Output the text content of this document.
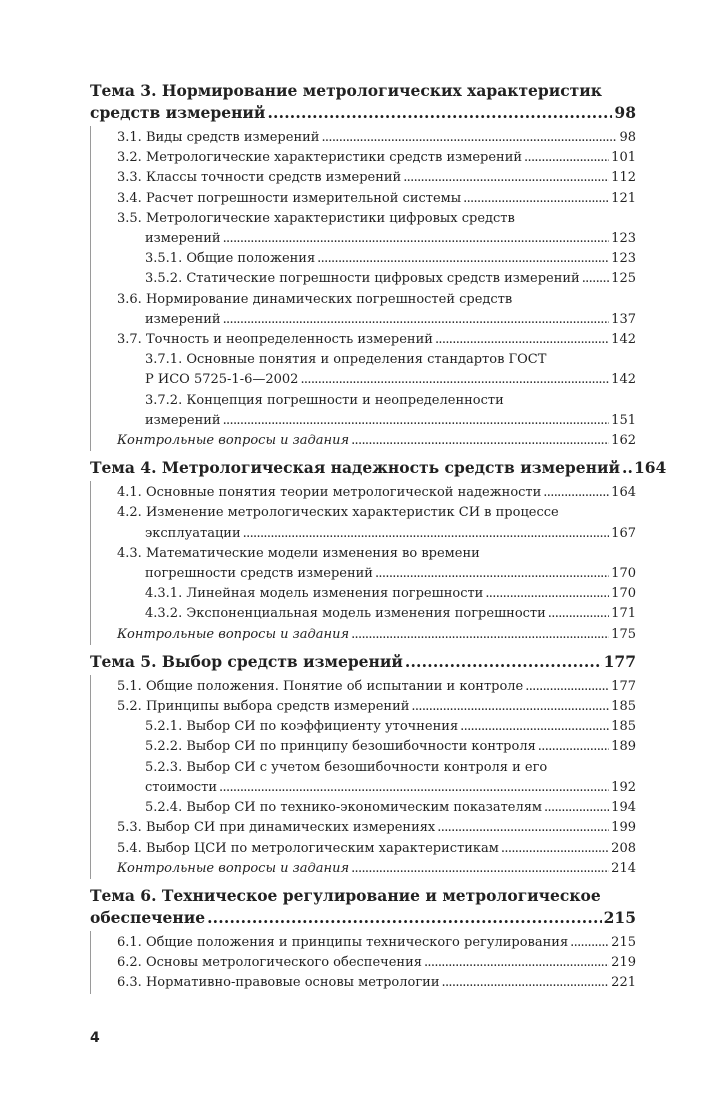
Тема 3. Нормирование метрологических характеристик
средств измерений . . .	98
3.1. Виды средств измерений . . .	98
3.2. Метрологические характеристики средств измерений . . .	101
3.3. Классы точности средств измерений . . .	112
3.4. Расчет погрешности измерительной системы . . .	121
3.5. Метрологические характеристики цифровых средств
измерений . . .	123
3.5.1. Общие положения . . .	123
3.5.2. Статические погрешности цифровых средств измерений . . . 125
3.6. Нормирование динамических погрешностей средств
измерений . . .	137
3.7. Точность и неопределенность измерений . . .	142
3.7.1. Основные понятия и определения стандартов ГОСТ
Р ИСО 5725-1-6—2002 . . .	142
3.7.2. Концепция погрешности и неопределенности
измерений . . .	151
Контрольные вопросы и задания . . .	162
Тема 4. Метрологическая надежность средств измерений . . . 164
4.1. Основные понятия теории метрологической надежности . . .	164
4.2. Изменение метрологических характеристик СИ в процессе
эксплуатации . . .	167
4.3. Математические модели изменения во времени
погрешности средств измерений . . .	170
4.3.1. Линейная модель изменения погрешности . . .	170
4.3.2. Экспоненциальная модель изменения погрешности . . .	171
Контрольные вопросы и задания . . .	175
Тема 5. Выбор средств измерений . . .	177
5.1. Общие положения. Понятие об испытании и контроле . . .	177
5.2. Принципы выбора средств измерений . . .	185
5.2.1. Выбор СИ по коэффициенту уточнения . . .	185
5.2.2. Выбор СИ по принципу безошибочности контроля . . .	189
5.2.3. Выбор СИ с учетом безошибочности контроля и его
стоимости . . .	192
5.2.4. Выбор СИ по технико-экономическим показателям . . .	194
5.3. Выбор СИ при динамических измерениях . . .	199
5.4. Выбор ЦСИ по метрологическим характеристикам . . .	208
Контрольные вопросы и задания . . .	214
Тема 6. Техническое регулирование и метрологическое
обеспечение . . .	215
6.1. Общие положения и принципы технического регулирования . . .	215
6.2. Основы метрологического обеспечения . . .	219
6.3. Нормативно-правовые основы метрологии . . .	221
4
